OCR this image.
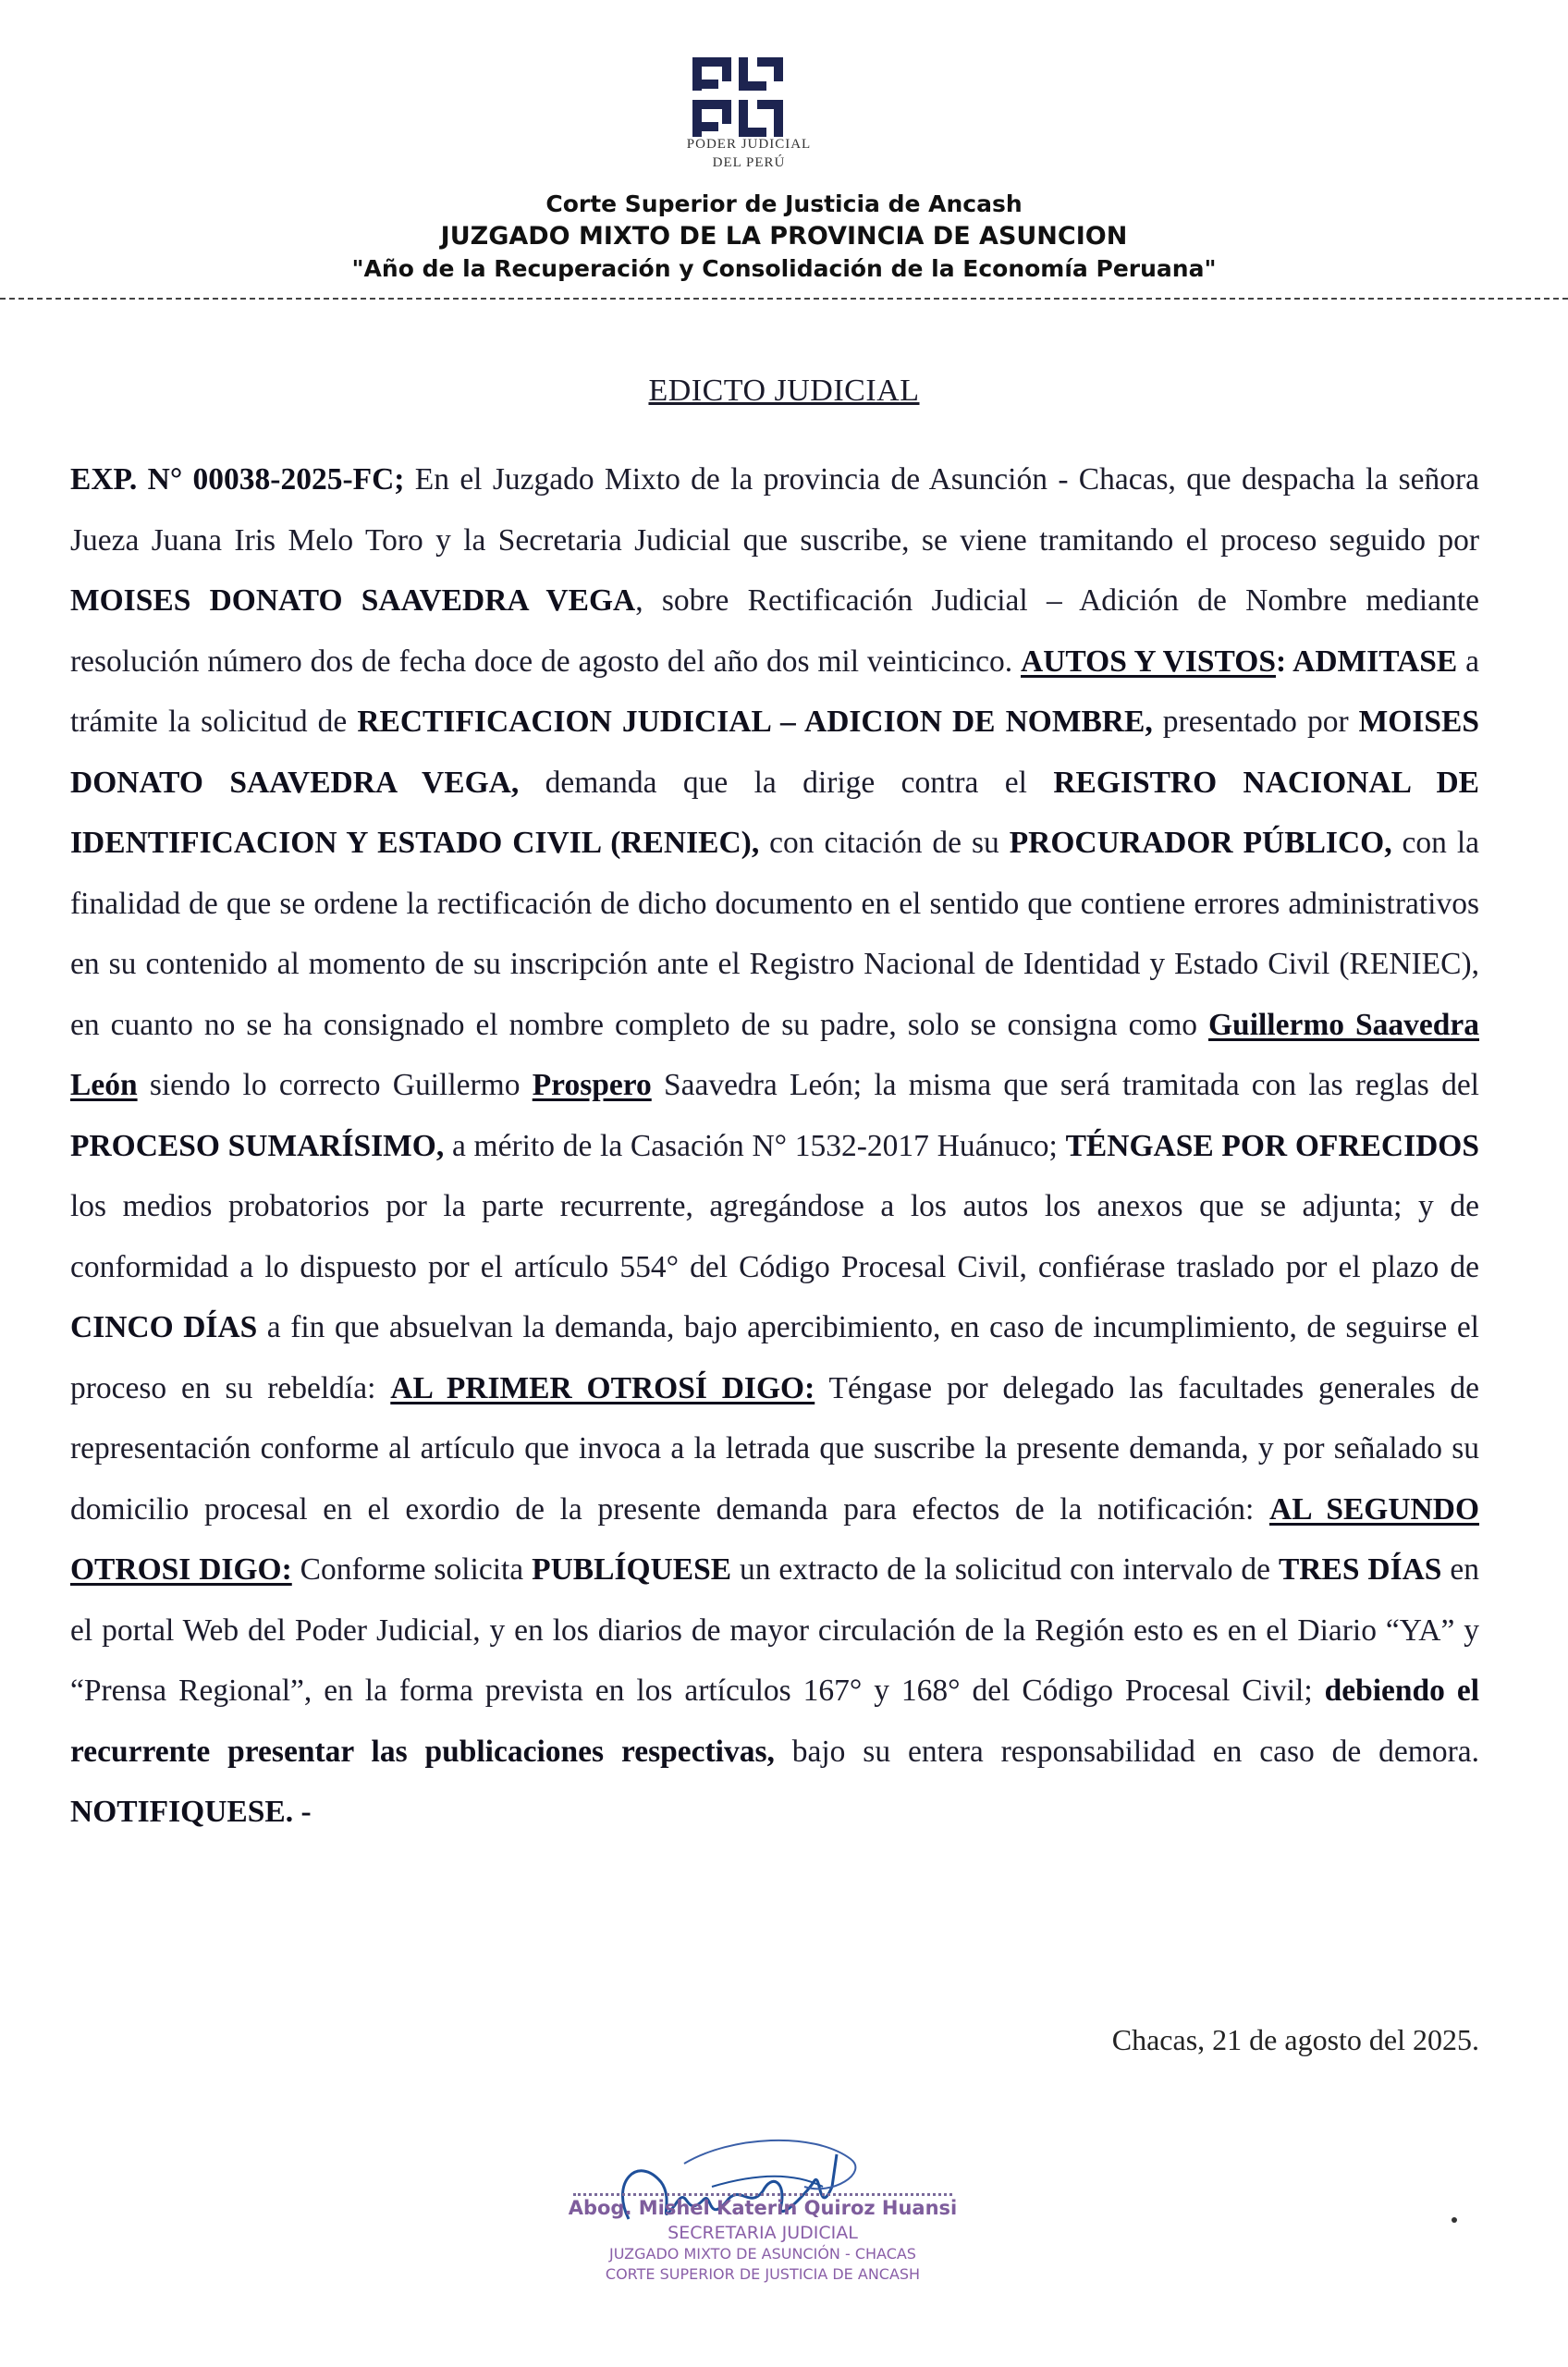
PODER JUDICIAL
DEL PERÚ
Corte Superior de Justicia de Ancash
JUZGADO MIXTO DE LA PROVINCIA DE ASUNCION
"Año de la Recuperación y Consolidación de la Economía Peruana"
EDICTO JUDICIAL
EXP. N° 00038-2025-FC; En el Juzgado Mixto de la provincia de Asunción - Chacas, que despacha la señora Jueza Juana Iris Melo Toro y la Secretaria Judicial que suscribe, se viene tramitando el proceso seguido por MOISES DONATO SAAVEDRA VEGA, sobre Rectificación Judicial – Adición de Nombre mediante resolución número dos de fecha doce de agosto del año dos mil veinticinco. AUTOS Y VISTOS: ADMITASE a trámite la solicitud de RECTIFICACION JUDICIAL – ADICION DE NOMBRE, presentado por MOISES DONATO SAAVEDRA VEGA, demanda que la dirige contra el REGISTRO NACIONAL DE IDENTIFICACION Y ESTADO CIVIL (RENIEC), con citación de su PROCURADOR PÚBLICO, con la finalidad de que se ordene la rectificación de dicho documento en el sentido que contiene errores administrativos en su contenido al momento de su inscripción ante el Registro Nacional de Identidad y Estado Civil (RENIEC), en cuanto no se ha consignado el nombre completo de su padre, solo se consigna como Guillermo Saavedra León siendo lo correcto Guillermo Prospero Saavedra León; la misma que será tramitada con las reglas del PROCESO SUMARÍSIMO, a mérito de la Casación N° 1532-2017 Huánuco; TÉNGASE POR OFRECIDOS los medios probatorios por la parte recurrente, agregándose a los autos los anexos que se adjunta; y de conformidad a lo dispuesto por el artículo 554° del Código Procesal Civil, confiérase traslado por el plazo de CINCO DÍAS a fin que absuelvan la demanda, bajo apercibimiento, en caso de incumplimiento, de seguirse el proceso en su rebeldía: AL PRIMER OTROSÍ DIGO: Téngase por delegado las facultades generales de representación conforme al artículo que invoca a la letrada que suscribe la presente demanda, y por señalado su domicilio procesal en el exordio de la presente demanda para efectos de la notificación: AL SEGUNDO OTROSI DIGO: Conforme solicita PUBLÍQUESE un extracto de la solicitud con intervalo de TRES DÍAS en el portal Web del Poder Judicial, y en los diarios de mayor circulación de la Región esto es en el Diario “YA” y “Prensa Regional”, en la forma prevista en los artículos 167° y 168° del Código Procesal Civil; debiendo el recurrente presentar las publicaciones respectivas, bajo su entera responsabilidad en caso de demora. NOTIFIQUESE. -
Chacas, 21 de agosto del 2025.
Abog. Mishel Katerin Quiroz Huansi
SECRETARIA JUDICIAL
JUZGADO MIXTO DE ASUNCIÓN - CHACAS
CORTE SUPERIOR DE JUSTICIA DE ANCASH
